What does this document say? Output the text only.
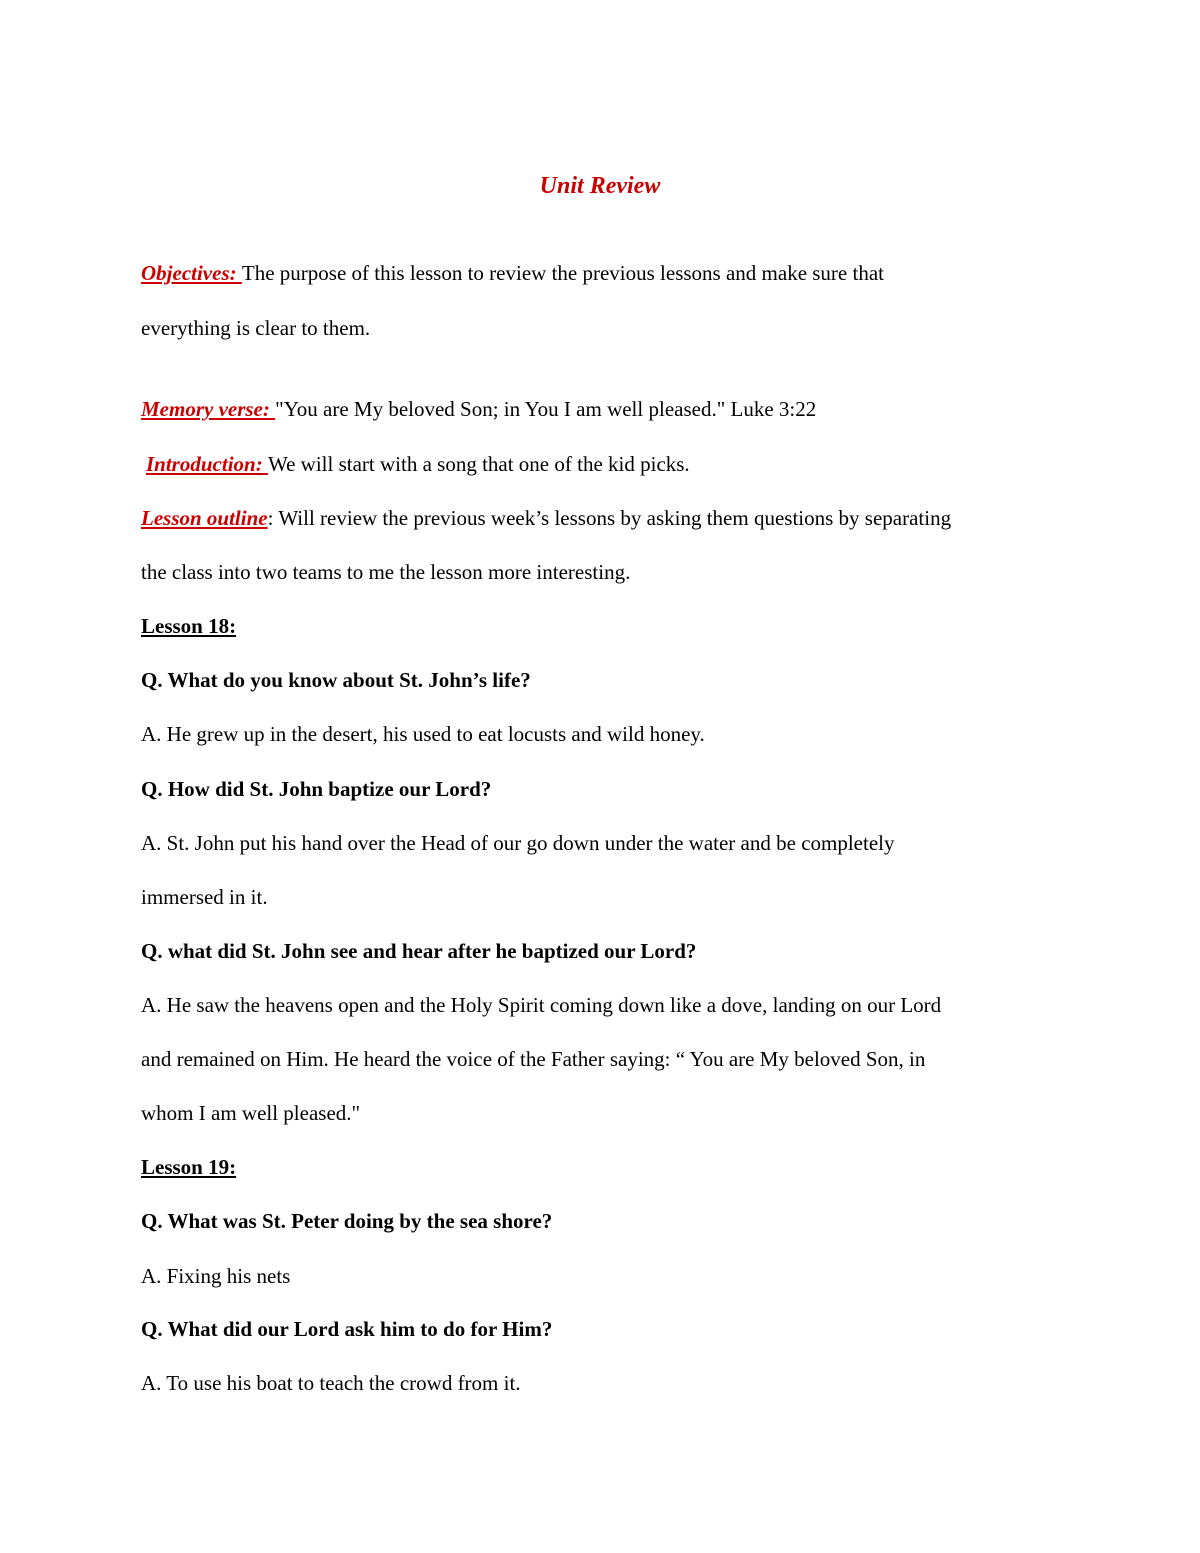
Unit Review
Objectives: The purpose of this lesson to review the previous lessons and make sure that
everything is clear to them.
Memory verse: "You are My beloved Son; in You I am well pleased." Luke 3:22
Introduction: We will start with a song that one of the kid picks.
Lesson outline: Will review the previous week’s lessons by asking them questions by separating
the class into two teams to me the lesson more interesting.
Lesson 18:
Q. What do you know about St. John’s life?
A. He grew up in the desert, his used to eat locusts and wild honey.
Q. How did St. John baptize our Lord?
A. St. John put his hand over the Head of our go down under the water and be completely
immersed in it.
Q. what did St. John see and hear after he baptized our Lord?
A. He saw the heavens open and the Holy Spirit coming down like a dove, landing on our Lord
and remained on Him. He heard the voice of the Father saying: “ You are My beloved Son, in
whom I am well pleased."
Lesson 19:
Q. What was St. Peter doing by the sea shore?
A. Fixing his nets
Q. What did our Lord ask him to do for Him?
A. To use his boat to teach the crowd from it.
